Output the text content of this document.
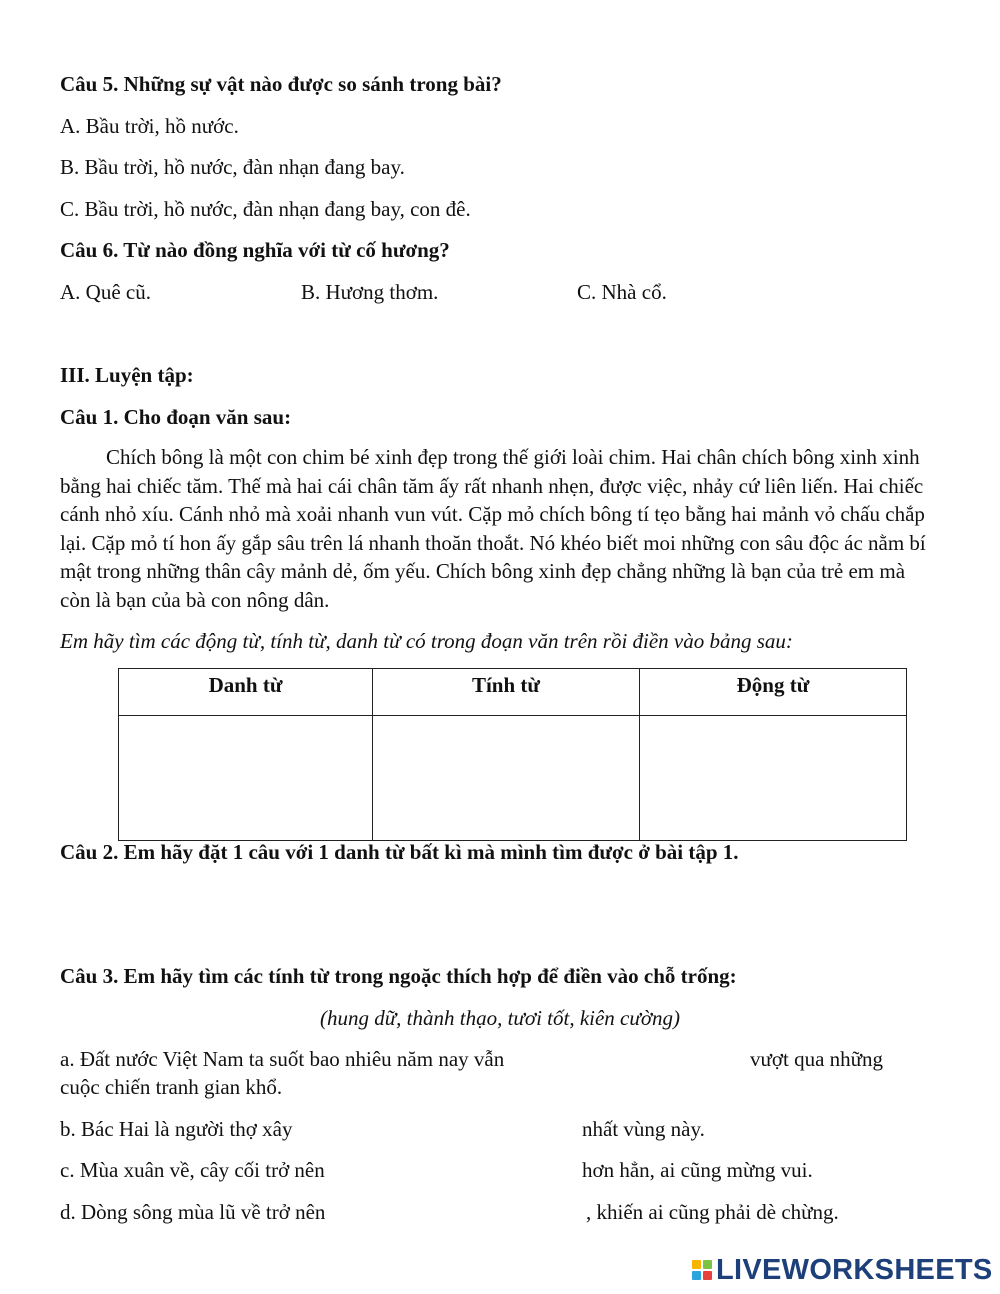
Câu 5. Những sự vật nào được so sánh trong bài?
A. Bầu trời, hồ nước.
B. Bầu trời, hồ nước, đàn nhạn đang bay.
C. Bầu trời, hồ nước, đàn nhạn đang bay, con đê.
Câu 6. Từ nào đồng nghĩa với từ cố hương?
A. Quê cũ.	B. Hương thơm.	C. Nhà cổ.
III. Luyện tập:
Câu 1. Cho đoạn văn sau:
Chích bông là một con chim bé xinh đẹp trong thế giới loài chim. Hai chân chích bông xinh xinh bằng hai chiếc tăm. Thế mà hai cái chân tăm ấy rất nhanh nhẹn, được việc, nhảy cứ liên liến. Hai chiếc cánh nhỏ xíu. Cánh nhỏ mà xoải nhanh vun vút. Cặp mỏ chích bông tí tẹo bằng hai mảnh vỏ chấu chắp lại. Cặp mỏ tí hon ấy gắp sâu trên lá nhanh thoăn thoắt. Nó khéo biết moi những con sâu độc ác nằm bí mật trong những thân cây mảnh dẻ, ốm yếu. Chích bông xinh đẹp chẳng những là bạn của trẻ em mà còn là bạn của bà con nông dân.
Em hãy tìm các động từ, tính từ, danh từ có trong đoạn văn trên rồi điền vào bảng sau:
Danh từ	Tính từ	Động từ

Câu 2. Em hãy đặt 1 câu với 1 danh từ bất kì mà mình tìm được ở bài tập 1.
Câu 3. Em hãy tìm các tính từ trong ngoặc thích hợp để điền vào chỗ trống:
(hung dữ, thành thạo, tươi tốt, kiên cường)
a. Đất nước Việt Nam ta suốt bao nhiêu năm nay vẫn	vượt qua những
cuộc chiến tranh gian khổ.
b. Bác Hai là người thợ xây	nhất vùng này.
c. Mùa xuân về, cây cối trở nên	hơn hẳn, ai cũng mừng vui.
d. Dòng sông mùa lũ về trở nên	, khiến ai cũng phải dè chừng.
LIVEWORKSHEETS
